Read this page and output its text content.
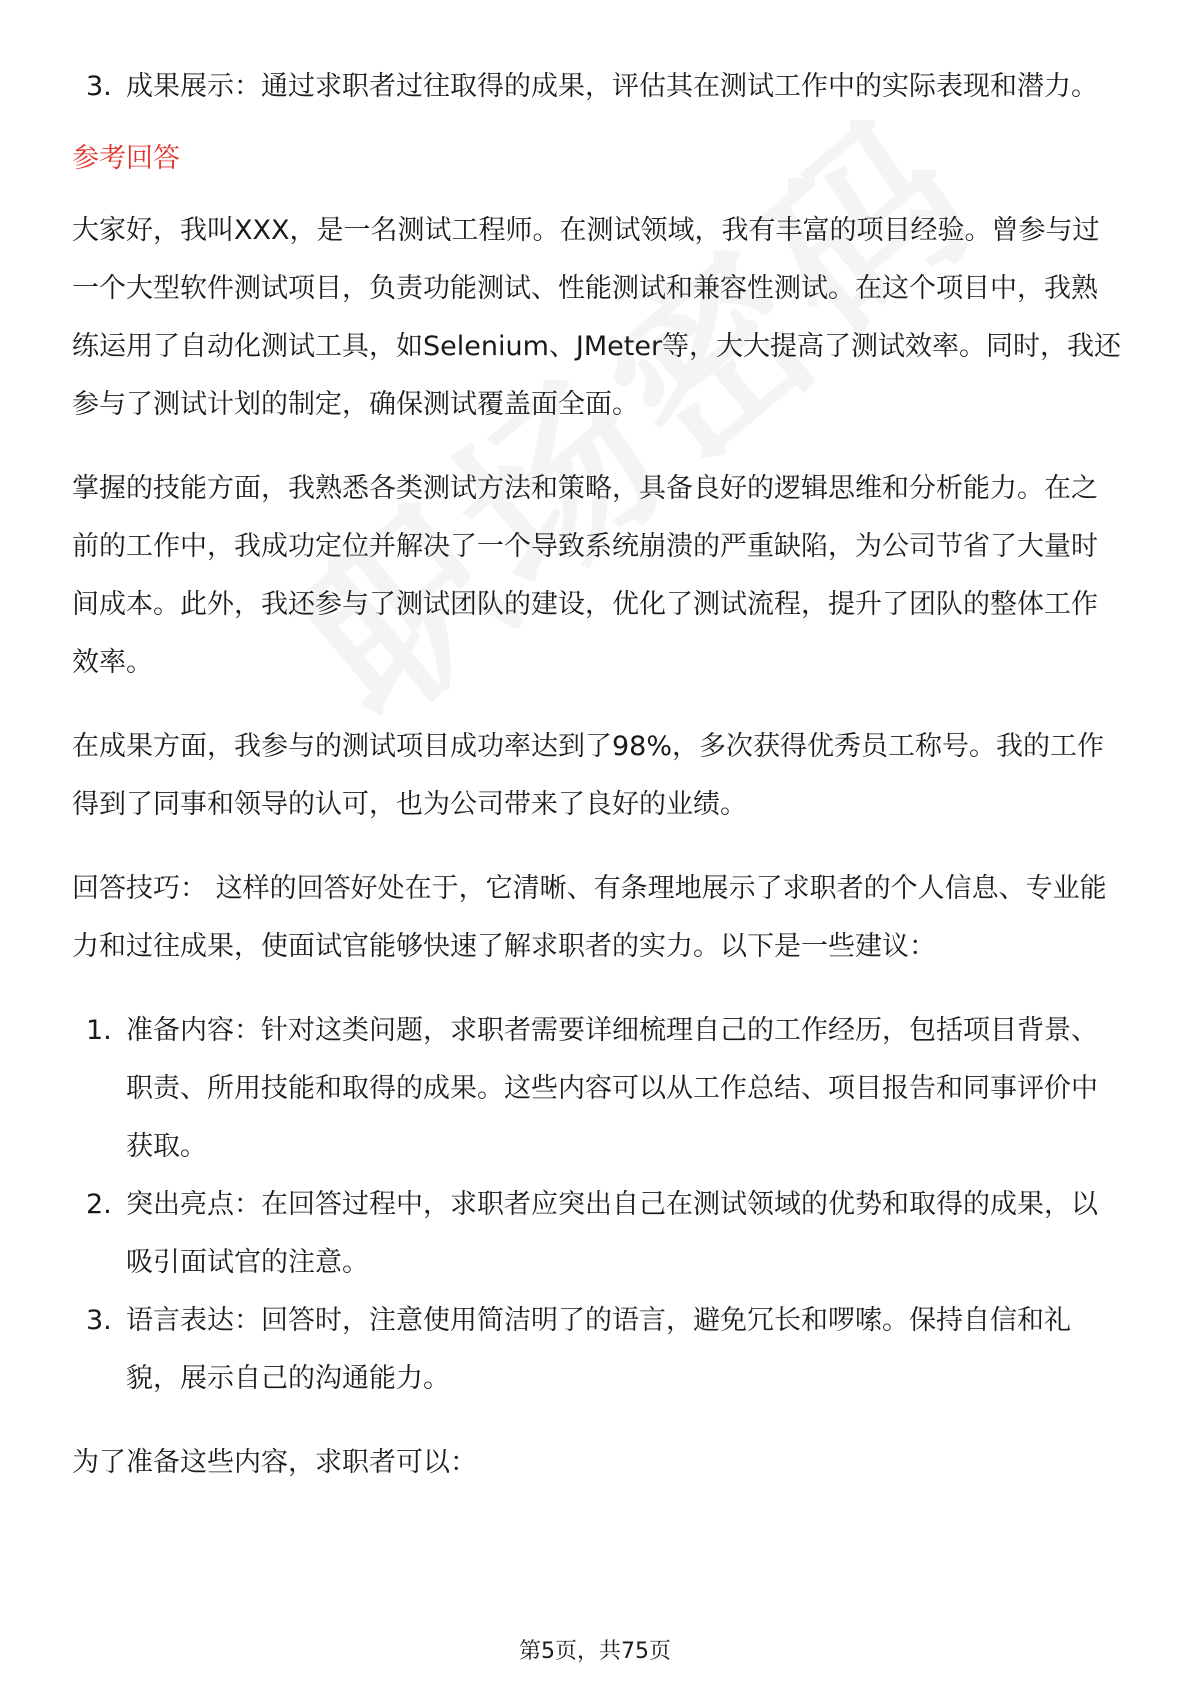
3. 成果展示：通过求职者过往取得的成果，评估其在测试工作中的实际表现和潜力。

参考回答

大家好，我叫XXX，是一名测试工程师。在测试领域，我有丰富的项目经验。曾参与过一个大型软件测试项目，负责功能测试、性能测试和兼容性测试。在这个项目中，我熟练运用了自动化测试工具，如Selenium、JMeter等，大大提高了测试效率。同时，我还参与了测试计划的制定，确保测试覆盖面全面。

掌握的技能方面，我熟悉各类测试方法和策略，具备良好的逻辑思维和分析能力。在之前的工作中，我成功定位并解决了一个导致系统崩溃的严重缺陷，为公司节省了大量时间成本。此外，我还参与了测试团队的建设，优化了测试流程，提升了团队的整体工作效率。

在成果方面，我参与的测试项目成功率达到了98%，多次获得优秀员工称号。我的工作得到了同事和领导的认可，也为公司带来了良好的业绩。

回答技巧： 这样的回答好处在于，它清晰、有条理地展示了求职者的个人信息、专业能力和过往成果，使面试官能够快速了解求职者的实力。以下是一些建议：

1. 准备内容：针对这类问题，求职者需要详细梳理自己的工作经历，包括项目背景、职责、所用技能和取得的成果。这些内容可以从工作总结、项目报告和同事评价中获取。
2. 突出亮点：在回答过程中，求职者应突出自己在测试领域的优势和取得的成果，以吸引面试官的注意。
3. 语言表达：回答时，注意使用简洁明了的语言，避免冗长和啰嗦。保持自信和礼貌，展示自己的沟通能力。

为了准备这些内容，求职者可以：

第5页，共75页
